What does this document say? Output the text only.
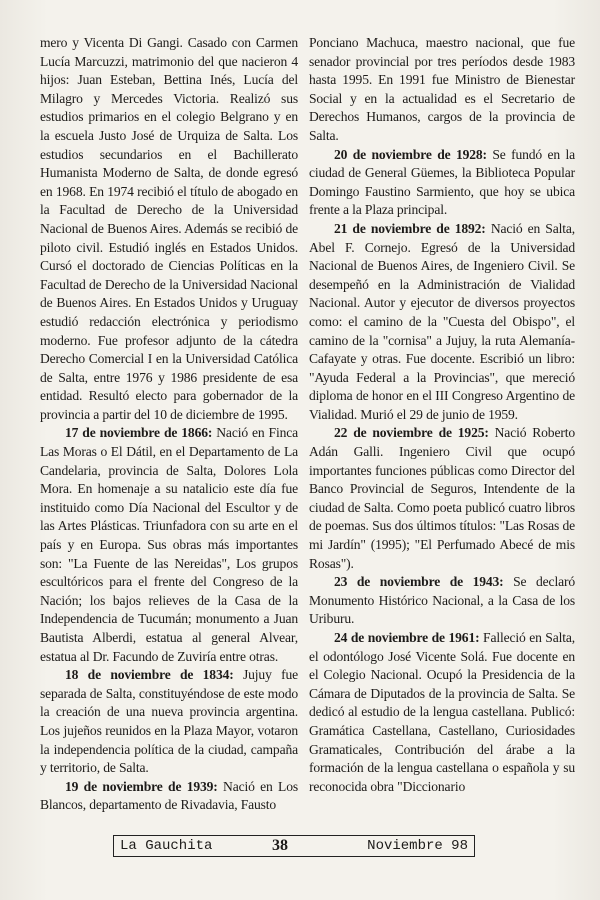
mero y Vicenta Di Gangi. Casado con Carmen Lucía Marcuzzi, matrimonio del que nacieron 4 hijos: Juan Esteban, Bettina Inés, Lucía del Milagro y Mercedes Victoria. Realizó sus estudios primarios en el colegio Belgrano y en la escuela Justo José de Urquiza de Salta. Los estudios secundarios en el Bachillerato Humanista Moderno de Salta, de donde egresó en 1968. En 1974 recibió el título de abogado en la Facultad de Derecho de la Universidad Nacional de Buenos Aires. Además se recibió de piloto civil. Estudió inglés en Estados Unidos. Cursó el doctorado de Ciencias Políticas en la Facultad de Derecho de la Universidad Nacional de Buenos Aires. En Estados Unidos y Uruguay estudió redacción electrónica y periodismo moderno. Fue profesor adjunto de la cátedra Derecho Comercial I en la Universidad Católica de Salta, entre 1976 y 1986 presidente de esa entidad. Resultó electo para gobernador de la provincia a partir del 10 de diciembre de 1995.

17 de noviembre de 1866: Nació en Finca Las Moras o El Dátil, en el Departamento de La Candelaria, provincia de Salta, Dolores Lola Mora. En homenaje a su natalicio este día fue instituido como Día Nacional del Escultor y de las Artes Plásticas. Triunfadora con su arte en el país y en Europa. Sus obras más importantes son: "La Fuente de las Nereidas", Los grupos escultóricos para el frente del Congreso de la Nación; los bajos relieves de la Casa de la Independencia de Tucumán; monumento a Juan Bautista Alberdi, estatua al general Alvear, estatua al Dr. Facundo de Zuviría entre otras.

18 de noviembre de 1834: Jujuy fue separada de Salta, constituyéndose de este modo la creación de una nueva provincia argentina. Los jujeños reunidos en la Plaza Mayor, votaron la independencia política de la ciudad, campaña y territorio, de Salta.

19 de noviembre de 1939: Nació en Los Blancos, departamento de Rivadavia, Fausto

Ponciano Machuca, maestro nacional, que fue senador provincial por tres períodos desde 1983 hasta 1995. En 1991 fue Ministro de Bienestar Social y en la actualidad es el Secretario de Derechos Humanos, cargos de la provincia de Salta.

20 de noviembre de 1928: Se fundó en la ciudad de General Güemes, la Biblioteca Popular Domingo Faustino Sarmiento, que hoy se ubica frente a la Plaza principal.

21 de noviembre de 1892: Nació en Salta, Abel F. Cornejo. Egresó de la Universidad Nacional de Buenos Aires, de Ingeniero Civil. Se desempeñó en la Administración de Vialidad Nacional. Autor y ejecutor de diversos proyectos como: el camino de la "Cuesta del Obispo", el camino de la "cornisa" a Jujuy, la ruta Alemanía-Cafayate y otras. Fue docente. Escribió un libro: "Ayuda Federal a la Provincias", que mereció diploma de honor en el III Congreso Argentino de Vialidad. Murió el 29 de junio de 1959.

22 de noviembre de 1925: Nació Roberto Adán Galli. Ingeniero Civil que ocupó importantes funciones públicas como Director del Banco Provincial de Seguros, Intendente de la ciudad de Salta. Como poeta publicó cuatro libros de poemas. Sus dos últimos títulos: "Las Rosas de mi Jardín" (1995); "El Perfumado Abecé de mis Rosas").

23 de noviembre de 1943: Se declaró Monumento Histórico Nacional, a la Casa de los Uriburu.

24 de noviembre de 1961: Falleció en Salta, el odontólogo José Vicente Solá. Fue docente en el Colegio Nacional. Ocupó la Presidencia de la Cámara de Diputados de la provincia de Salta. Se dedicó al estudio de la lengua castellana. Publicó: Gramática Castellana, Castellano, Curiosidades Gramaticales, Contribución del árabe a la formación de la lengua castellana o española y su reconocida obra "Diccionario

La Gauchita	38	Noviembre 98
